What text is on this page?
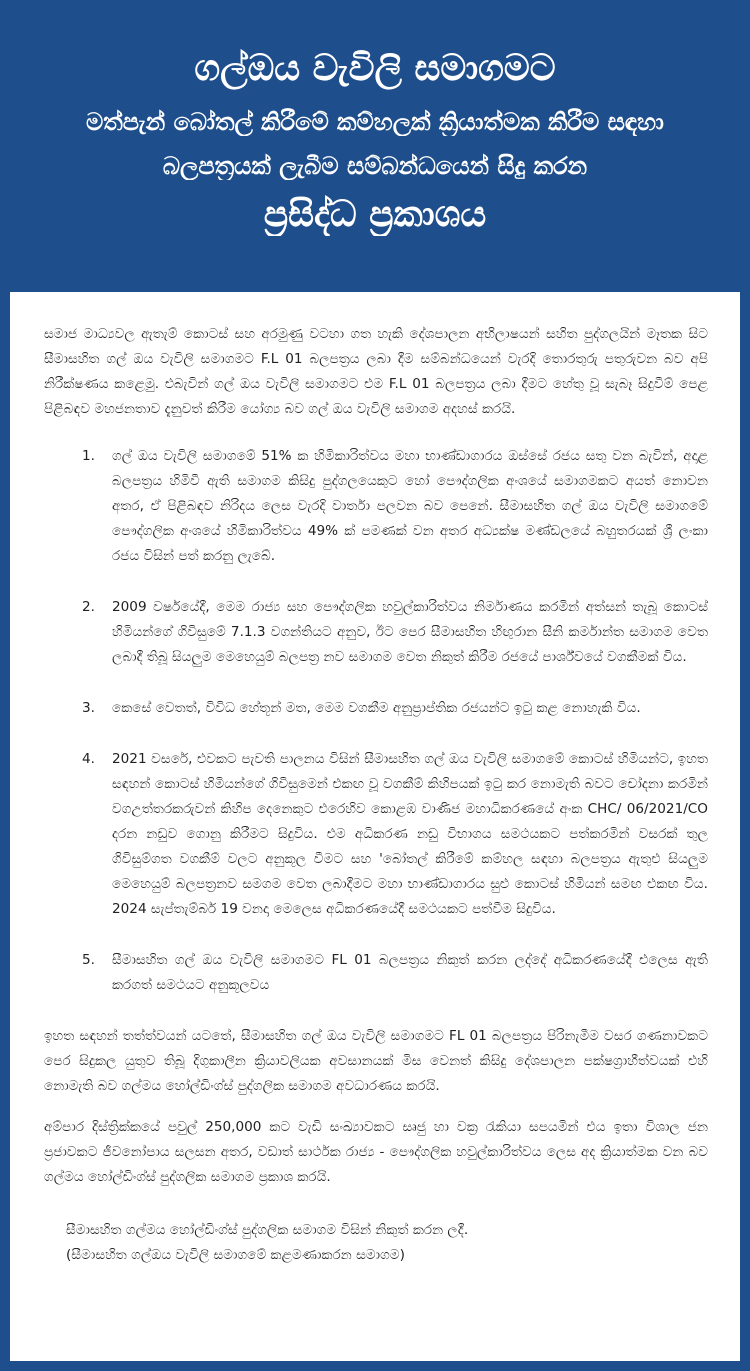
ගල්ඔය වැවිලි සමාගමට
මත්පැන් බෝතල් කිරීමේ කම්හලක් ක්‍රියාත්මක කිරීම සඳහා
බලපත්‍රයක් ලැබීම සම්බන්ධයෙන් සිදු කරන
ප්‍රසිද්ධ ප්‍රකාශය

සමාජ මාධ්‍යවල ඇතැම් කොටස් සහ අරමුණු වටහා ගත හැකි දේශපාලන අභිලාෂයන් සහිත පුද්ගලයින් මෑතක සිට සීමාසහිත ගල් ඔය වැවිලි සමාගමට F.L 01 බලපත්‍රය ලබා දීම සම්බන්ධයෙන් වැරදි තොරතුරු පතුරුවන බව අපි නිරීක්ෂණය කළෙමු. එබැවින් ගල් ඔය වැවිලි සමාගමට එම F.L 01 බලපත්‍රය ලබා දීමට හේතු වූ සැබෑ සිදුවීම් පෙළ පිළිබඳව මහජනතාව දැනුවත් කිරීම යෝග්‍ය බව ගල් ඔය වැවිලි සමාගම අදහස් කරයි.

1. ගල් ඔය වැවිලි සමාගමේ 51% ක හිමිකාරිත්වය මහා භාණ්ඩාගාරය ඔස්සේ රජය සතු වන බැවින්, අදාළ බලපත්‍රය හිමිවී ඇති සමාගම කිසිදු පුද්ගලයෙකුට හෝ පෞද්ගලික අංශයේ සමාගමකට අයත් නොවන අතර, ඒ පිළිබඳව නිරිදය ලෙස වැරදි වාර්තා පලවන බව පෙනේ. සීමාසහිත ගල් ඔය වැවිලි සමාගමේ පෞද්ගලික අංශයේ හිමිකාරිත්වය 49% ක් පමණක් වන අතර අධ්‍යක්ෂ මණ්ඩලයේ බහුතරයක් ශ්‍රී ලංකා රජය විසින් පත් කරනු ලැබේ.
2. 2009 වර්ෂයේදී, මෙම රාජ්‍ය සහ පෞද්ගලික හවුල්කාරිත්වය නිර්මාණය කරමින් අත්සන් තැබූ කොටස් හිමියන්ගේ ගිවිසුමේ 7.1.3 වගන්තියට අනුව, ඊට පෙර සීමාසහිත හිඟුරාන සීනි කර්මාන්ත සමාගම වෙත ලබාදී තිබූ සියලුම මෙහෙයුම් බලපත්‍ර නව සමාගම වෙත නිකුත් කිරීම රජයේ පාර්ශ්වයේ වගකීමක් විය.
3. කෙසේ වෙතත්, විවිධ හේතූන් මත, මෙම වගකීම අනුප්‍රාප්තික රජයන්ට ඉටු කළ නොහැකි විය.
4. 2021 වසරේ, එවකට පැවති පාලනය විසින් සීමාසහිත ගල් ඔය වැවිලි සමාගමේ කොටස් හිමියන්ට, ඉහත සඳහන් කොටස් හිමියන්ගේ ගිවිසුමෙන් එකඟ වූ වගකීම් කිහිපයක් ඉටු කර නොමැති බවට චෝදනා කරමින් වගඋත්තරකරුවන් කිහිප දෙනෙකුට එරෙහිව කොළඹ වාණිජ මහාධිකරණයේ අංක CHC/ 06/2021/CO දරන නඩුව ගොනු කිරීමට සිදුවිය. එම අධිකරණ නඩු විභාගය සමථයකට පත්කරමින් වසරක් තුල ගිවිසුම්ගත වගකීම් වලට අනුකූල වීමට සහ 'බෝතල් කිරීමේ කම්හල සඳහා බලපත්‍රය ඇතුළු සියලුම මෙහෙයුම් බලපත්‍රනව සමගම වෙත ලබාදීමට මහා භාණ්ඩාගාරය සුළු කොටස් හිමියන් සමඟ එකඟ විය. 2024 සැප්තැම්බර් 19 වනදා මෙලෙස අධිකරණයේදී සමථයකට පත්වීම සිදුවිය.
5. සීමාසහිත ගල් ඔය වැවිලි සමාගමට FL 01 බලපත්‍රය නිකුත් කරන ලද්දේ අධිකරණයේදී එලෙස ඇති කරගත් සමථයට අනුකූලවය

ඉහත සඳහන් තත්ත්වයන් යටතේ, සීමාසහිත ගල් ඔය වැවිලි සමාගමට FL 01 බලපත්‍රය පිරිනැමීම වසර ගණනාවකට පෙර සිදුකල යුතුව තිබූ දිගුකාලීන ක්‍රියාවලියක අවසානයක් මිස වෙනත් කිසිදු දේශපාලන පක්ෂග්‍රාහීත්වයක් එහි නොමැති බව ගල්මය හෝල්ඩිංග්ස් පුද්ගලික සමාගම අවධාරණය කරයි.

අම්පාර දිස්ත්‍රික්කයේ පවුල් 250,000 කට වැඩි සංඛ්‍යාවකට සෘජු හා වක්‍ර රැකියා සපයමින් එය ඉතා විශාල ජන ප්‍රජාවකට ජීවනෝපාය සලසන අතර, වඩාත් සාර්ථක රාජ්‍ය - පෞද්ගලික හවුල්කාරිත්වය ලෙස අද ක්‍රියාත්මක වන බව ගල්මය හෝල්ඩිංග්ස් පුද්ගලික සමාගම ප්‍රකාශ කරයි.

සීමාසහිත ගල්මය හෝල්ඩිංග්ස් පුද්ගලික සමාගම විසින් නිකුත් කරන ලදී.

(සීමාසහිත ගල්ඔය වැවිලි සමාගමේ කළමණාකරන සමාගම)
